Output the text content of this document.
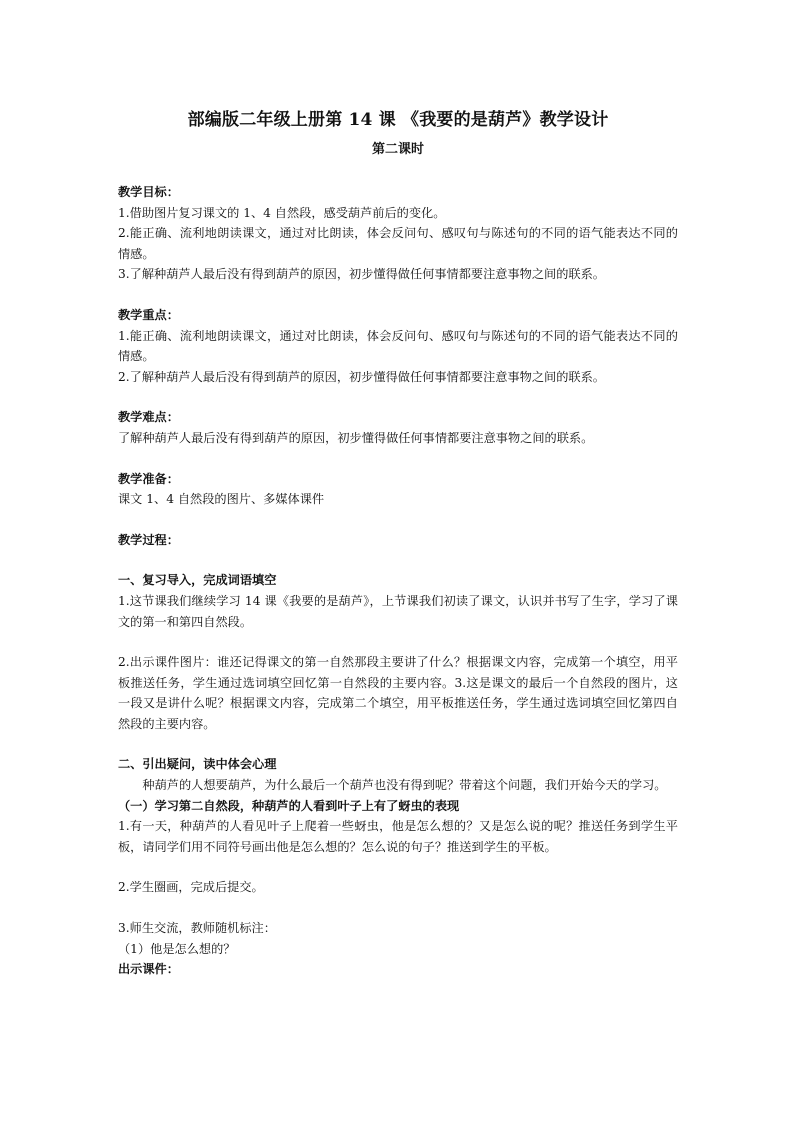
部编版二年级上册第 14 课 《我要的是葫芦》教学设计
第二课时

教学目标：

1.借助图片复习课文的 1、4 自然段，感受葫芦前后的变化。

2.能正确、流利地朗读课文，通过对比朗读，体会反问句、感叹句与陈述句的不同的语气能表达不同的情感。

3.了解种葫芦人最后没有得到葫芦的原因，初步懂得做任何事情都要注意事物之间的联系。

教学重点：

1.能正确、流利地朗读课文，通过对比朗读，体会反问句、感叹句与陈述句的不同的语气能表达不同的情感。

2.了解种葫芦人最后没有得到葫芦的原因，初步懂得做任何事情都要注意事物之间的联系。

教学难点：

了解种葫芦人最后没有得到葫芦的原因，初步懂得做任何事情都要注意事物之间的联系。

教学准备：

课文 1、4 自然段的图片、多媒体课件

教学过程：

一、复习导入，完成词语填空

1.这节课我们继续学习 14 课《我要的是葫芦》，上节课我们初读了课文，认识并书写了生字，学习了课文的第一和第四自然段。

2.出示课件图片：谁还记得课文的第一自然那段主要讲了什么？根据课文内容，完成第一个填空，用平板推送任务，学生通过选词填空回忆第一自然段的主要内容。3.这是课文的最后一个自然段的图片，这一段又是讲什么呢？根据课文内容，完成第二个填空，用平板推送任务，学生通过选词填空回忆第四自然段的主要内容。

二、引出疑问，读中体会心理

种葫芦的人想要葫芦，为什么最后一个葫芦也没有得到呢？带着这个问题，我们开始今天的学习。

（一）学习第二自然段，种葫芦的人看到叶子上有了蚜虫的表现

1.有一天，种葫芦的人看见叶子上爬着一些蚜虫，他是怎么想的？又是怎么说的呢？推送任务到学生平板，请同学们用不同符号画出他是怎么想的？怎么说的句子？推送到学生的平板。

2.学生圈画，完成后提交。

3.师生交流，教师随机标注：

（1）他是怎么想的？

出示课件：
